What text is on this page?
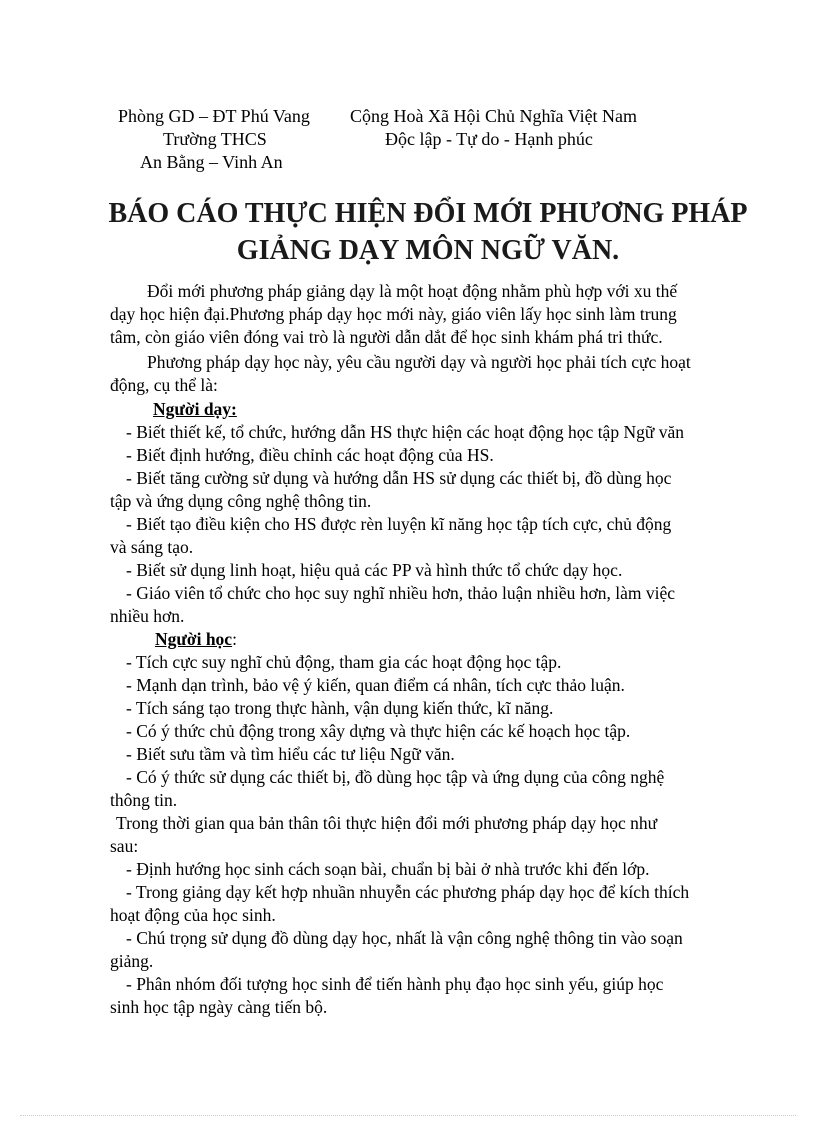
Phòng GD – ĐT Phú Vang
Trường THCS
An Bằng – Vinh An
Cộng Hoà Xã Hội Chủ Nghĩa Việt Nam
Độc lập - Tự do - Hạnh phúc
BÁO CÁO THỰC HIỆN ĐỔI MỚI PHƯƠNG PHÁP
GIẢNG DẠY MÔN NGỮ VĂN.
Đổi mới phương pháp giảng dạy là một hoạt động nhằm phù hợp với xu thế
dạy học hiện đại.Phương pháp dạy học mới này, giáo viên lấy học sinh làm trung
tâm, còn giáo viên đóng vai trò là người dẫn dắt để học sinh khám phá tri thức.
Phương pháp dạy học này, yêu cầu người dạy và người học phải tích cực hoạt
động, cụ thể là:
Người dạy:
- Biết thiết kế, tổ chức, hướng dẫn HS thực hiện các hoạt động học tập Ngữ văn
- Biết định hướng, điều chỉnh các hoạt động của HS.
- Biết tăng cường sử dụng và hướng dẫn HS sử dụng các thiết bị, đồ dùng học
tập và ứng dụng công nghệ thông tin.
- Biết tạo điều kiện cho HS được rèn luyện kĩ năng học tập tích cực, chủ động
và sáng tạo.
- Biết sử dụng linh hoạt, hiệu quả các PP và hình thức tổ chức dạy học.
- Giáo viên tổ chức cho học suy nghĩ nhiều hơn, thảo luận nhiều hơn, làm việc
nhiều hơn.
Người học:
- Tích cực suy nghĩ chủ động, tham gia các hoạt động học tập.
- Mạnh dạn trình, bảo vệ ý kiến, quan điểm cá nhân, tích cực thảo luận.
- Tích sáng tạo trong thực hành, vận dụng kiến thức, kĩ năng.
- Có ý thức chủ động trong xây dựng và thực hiện các kế hoạch học tập.
- Biết sưu tầm và tìm hiểu các tư liệu Ngữ văn.
- Có ý thức sử dụng các thiết bị, đồ dùng học tập và ứng dụng của công nghệ
thông tin.
Trong thời gian qua bản thân tôi thực hiện đổi mới phương pháp dạy học như
sau:
- Định hướng học sinh cách soạn bài, chuẩn bị bài ở nhà trước khi đến lớp.
- Trong giảng dạy kết hợp nhuần nhuyễn các phương pháp dạy học để kích thích
hoạt động của học sinh.
- Chú trọng sử dụng đồ dùng dạy học, nhất là vận công nghệ thông tin vào soạn
giảng.
- Phân nhóm đối tượng học sinh để tiến hành phụ đạo học sinh yếu, giúp học
sinh học tập ngày càng tiến bộ.
